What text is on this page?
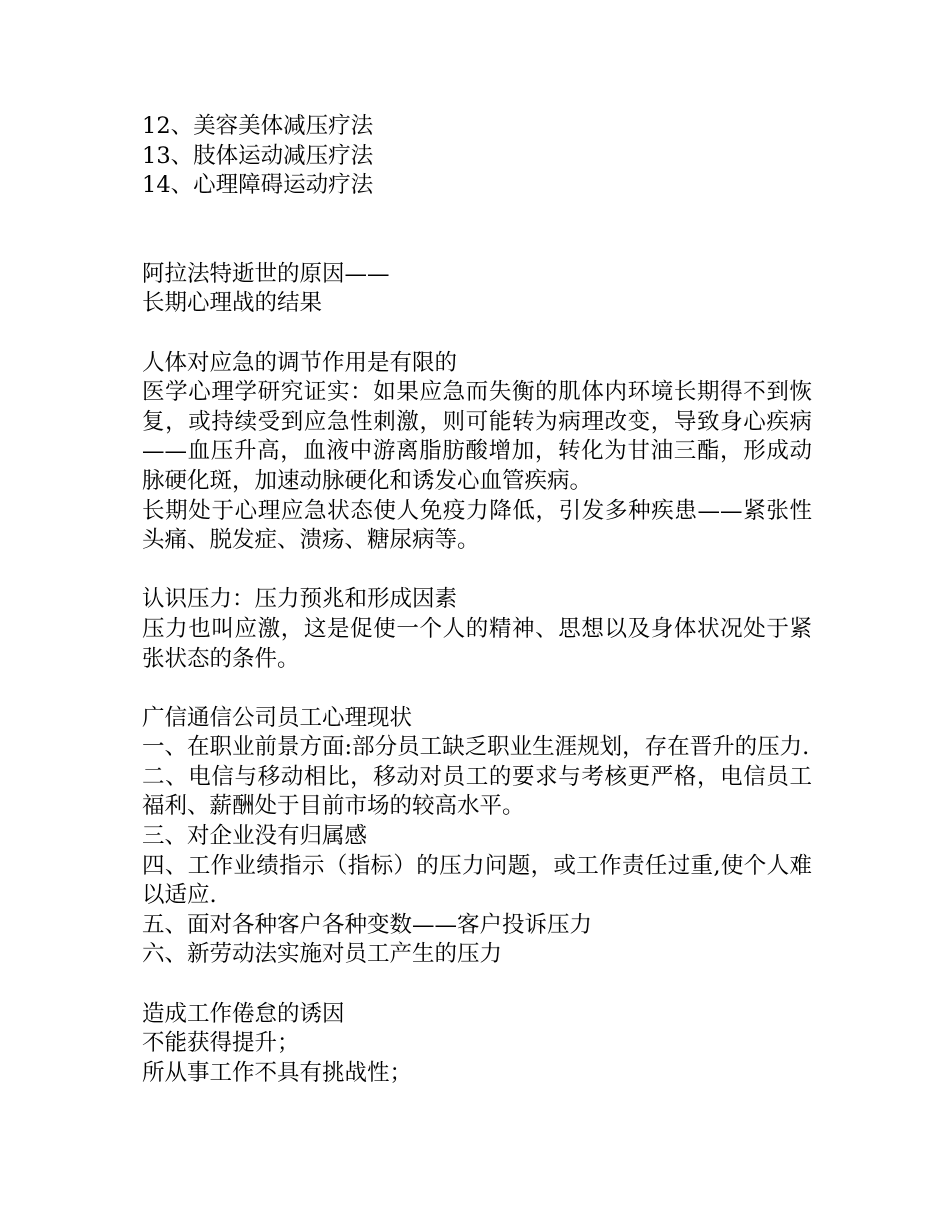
12、美容美体减压疗法
13、肢体运动减压疗法
14、心理障碍运动疗法
阿拉法特逝世的原因——
长期心理战的结果
人体对应急的调节作用是有限的
医学心理学研究证实：如果应急而失衡的肌体内环境长期得不到恢复，或持续受到应急性刺激，则可能转为病理改变，导致身心疾病——血压升高，血液中游离脂肪酸增加，转化为甘油三酯，形成动脉硬化斑，加速动脉硬化和诱发心血管疾病。
长期处于心理应急状态使人免疫力降低，引发多种疾患——紧张性头痛、脱发症、溃疡、糖尿病等。
认识压力：压力预兆和形成因素
压力也叫应激，这是促使一个人的精神、思想以及身体状况处于紧张状态的条件。
广信通信公司员工心理现状
一、在职业前景方面:部分员工缺乏职业生涯规划，存在晋升的压力.
二、电信与移动相比，移动对员工的要求与考核更严格，电信员工福利、薪酬处于目前市场的较高水平。
三、对企业没有归属感
四、工作业绩指示（指标）的压力问题，或工作责任过重,使个人难以适应.
五、面对各种客户各种变数——客户投诉压力
六、新劳动法实施对员工产生的压力
造成工作倦怠的诱因
不能获得提升；
所从事工作不具有挑战性；
